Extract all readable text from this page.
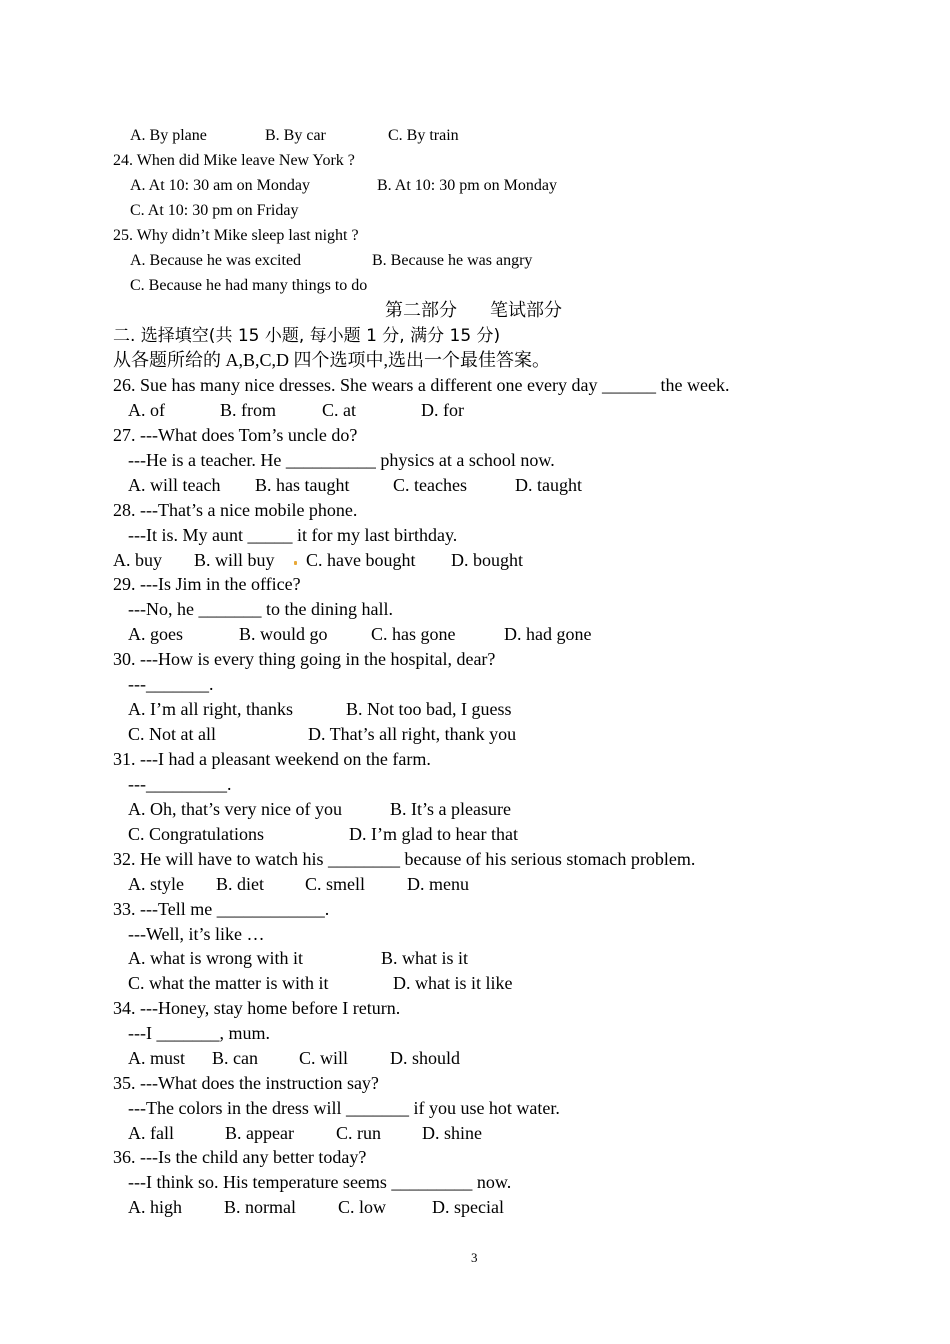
A. By plane	B. By car	C. By train
24. When did Mike leave New York ?
A. At 10: 30 am on Monday	B. At 10: 30 pm on Monday
C. At 10: 30 pm on Friday
25. Why didn’t Mike sleep last night ?
A. Because he was excited	B. Because he was angry
C. Because he had many things to do
第二部分 笔试部分
二. 选择填空(共 15 小题, 每小题 1 分, 满分 15 分)
从各题所给的 A,B,C,D 四个选项中,选出一个最佳答案。
26. Sue has many nice dresses. She wears a different one every day ______ the week.
A. of	B. from	C. at	D. for
27. ---What does Tom’s uncle do?
---He is a teacher. He __________ physics at a school now.
A. will teach B. has taught C. teaches	D. taught
28. ---That’s a nice mobile phone.
---It is. My aunt _____ it for my last birthday.
A. buy B. will buy C. have bought D. bought
29. ---Is Jim in the office?
---No, he _______ to the dining hall.
A. goes	B. would go C. has gone	D. had gone
30. ---How is every thing going in the hospital, dear?
---_______.
A. I’m all right, thanks	B. Not too bad, I guess
C. Not at all	D. That’s all right, thank you
31. ---I had a pleasant weekend on the farm.
---_________.
A. Oh, that’s very nice of you	B. It’s a pleasure
C. Congratulations	D. I’m glad to hear that
32. He will have to watch his ________ because of his serious stomach problem.
A. style B. diet C. smell D. menu
33. ---Tell me ____________.
---Well, it’s like …
A. what is wrong with it	B. what is it
C. what the matter is with it	D. what is it like
34. ---Honey, stay home before I return.
---I _______, mum.
A. must B. can C. will D. should
35. ---What does the instruction say?
---The colors in the dress will _______ if you use hot water.
A. fall	B. appear C. run D. shine
36. ---Is the child any better today?
---I think so. His temperature seems _________ now.
A. high B. normal C. low	D. special
3
